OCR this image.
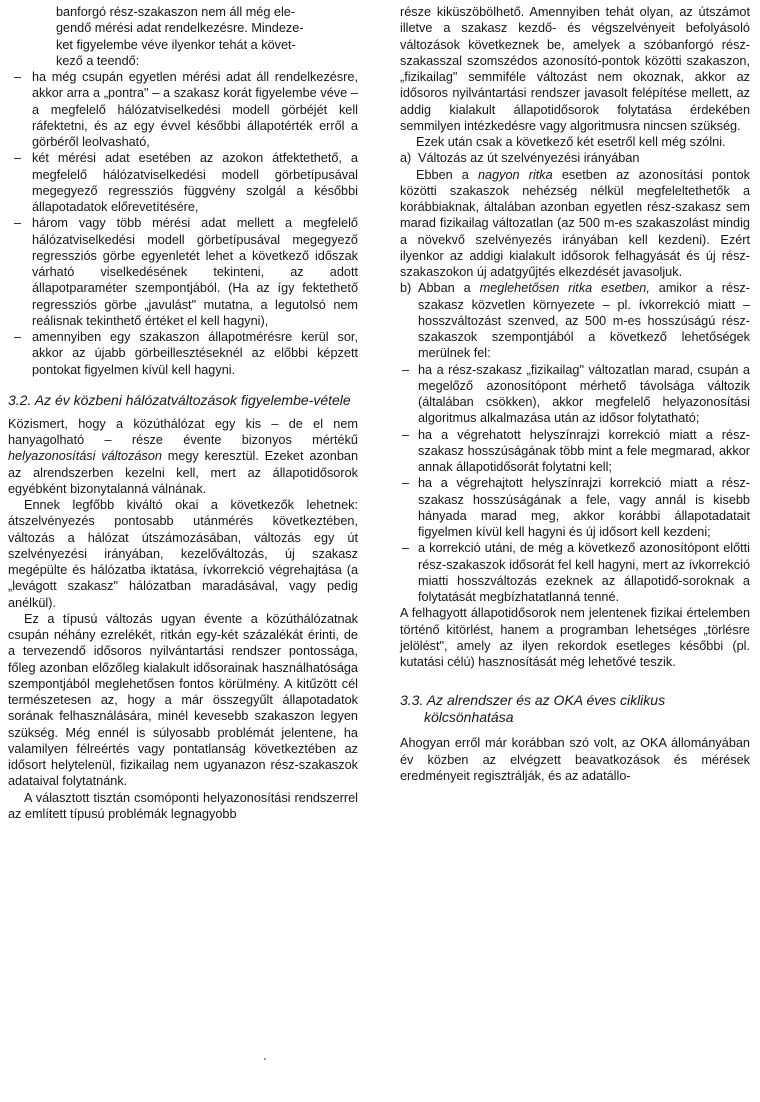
banforgó rész-szakaszon nem áll még ele-

gendő mérési adat rendelkezésre. Mindeze-

ket figyelembe véve ilyenkor tehát a követ-

kező a teendő:

– ha még csupán egyetlen mérési adat áll rendelkezésre, akkor arra a „pontra" – a szakasz korát figyelembe véve – a megfelelő hálózatviselkedési modell görbéjét kell ráfektetni, és az egy évvel későbbi állapotérték erről a görbéről leolvasható,
– két mérési adat esetében az azokon átfektethető, a megfelelő hálózatviselkedési modell görbetípusával megegyező regressziós függvény szolgál a későbbi állapotadatok előrevetítésére,
– három vagy több mérési adat mellett a megfelelő hálózatviselkedési modell görbetípusával megegyező regressziós görbe egyenletét lehet a következő időszak várható viselkedésének tekinteni, az adott állapotparaméter szempontjából. (Ha az így fektethető regressziós görbe „javulást" mutatna, a legutolsó nem reálisnak tekinthető értéket el kell hagyni),
– amennyiben egy szakaszon állapotmérésre kerül sor, akkor az újabb görbeillesztéseknél az előbbi képzett pontokat figyelmen kívül kell hagyni.

3.2. Az év közbeni hálózatváltozások figyelembe-vétele

Közismert, hogy a közúthálózat egy kis – de el nem hanyagolható – része évente bizonyos mértékű helyazonosítási változáson megy keresztül. Ezeket azonban az alrendszerben kezelni kell, mert az állapotidősorok egyébként bizonytalanná válnának.

Ennek legfőbb kiváltó okai a következők lehetnek: átszelvényezés pontosabb utánmérés következtében, változás a hálózat útszámozásában, változás egy út szelvényezési irányában, kezelőváltozás, új szakasz megépülte és hálózatba iktatása, ívkorrekció végrehajtása (a „levágott szakasz" hálózatban maradásával, vagy pedig anélkül).

Ez a típusú változás ugyan évente a közúthálózatnak csupán néhány ezrelékét, ritkán egy-két százalékát érinti, de a tervezendő idősoros nyilvántartási rendszer pontossága, főleg azonban előzőleg kialakult idősorainak használhatósága szempontjából meglehetősen fontos körülmény. A kitűzött cél természetesen az, hogy a már összegyűlt állapotadatok sorának felhasználására, minél kevesebb szakaszon legyen szükség. Még ennél is súlyosabb problémát jelentene, ha valamilyen félreértés vagy pontatlanság következtében az idősort helytelenül, fizikailag nem ugyanazon rész-szakaszok adataival folytatnánk.

A választott tisztán csomóponti helyazonosítási rendszerrel az említett típusú problémák legnagyobb

része kiküszöbölhető. Amennyiben tehát olyan, az útszámot illetve a szakasz kezdő- és végszelvényeit befolyásoló változások következnek be, amelyek a szóbanforgó rész-szakasszal szomszédos azonosító-pontok közötti szakaszon, „fizikailag" semmiféle változást nem okoznak, akkor az idősoros nyilvántartási rendszer javasolt felépítése mellett, az addig kialakult állapotidősorok folytatása érdekében semmilyen intézkedésre vagy algoritmusra nincsen szükség.

Ezek után csak a következő két esetről kell még szólni.

a) Változás az út szelvényezési irányában

Ebben a nagyon ritka esetben az azonosítási pontok közötti szakaszok nehézség nélkül megfeleltethetők a korábbiaknak, általában azonban egyetlen rész-szakasz sem marad fizikailag változatlan (az 500 m-es szakaszolást mindig a növekvő szelvényezés irányában kell kezdeni). Ezért ilyenkor az addigi kialakult idősorok felhagyását és új rész-szakaszokon új adatgyűjtés elkezdését javasoljuk.

b) Abban a meglehetősen ritka esetben, amikor a rész-szakasz közvetlen környezete – pl. ívkorrekció miatt – hosszváltozást szenved, az 500 m-es hosszúságú rész-szakaszok szempontjából a következő lehetőségek merülnek fel:
– ha a rész-szakasz „fizikailag" változatlan marad, csupán a megelőző azonosítópont mérhető távolsága változik (általában csökken), akkor megfelelő helyazonosítási algoritmus alkalmazása után az idősor folytatható;
– ha a végrehatott helyszínrajzi korrekció miatt a rész-szakasz hosszúságának több mint a fele megmarad, akkor annak állapotidősorát folytatni kell;
– ha a végrehajtott helyszínrajzi korrekció miatt a rész-szakasz hosszúságának a fele, vagy annál is kisebb hányada marad meg, akkor korábbi állapotadatait figyelmen kívül kell hagyni és új idősort kell kezdeni;
– a korrekció utáni, de még a következő azonosítópont előtti rész-szakaszok idősorát fel kell hagyni, mert az ívkorrekció miatti hosszváltozás ezeknek az állapotidő-soroknak a folytatását megbízhatatlanná tenné.

A felhagyott állapotidősorok nem jelentenek fizikai értelemben történő kitörlést, hanem a programban lehetséges „törlésre jelölést", amely az ilyen rekordok esetleges későbbi (pl. kutatási célú) hasznosítását még lehetővé teszik.

3.3. Az alrendszer és az OKA éves ciklikus kölcsönhatása

Ahogyan erről már korábban szó volt, az OKA állományában év közben az elvégzett beavatkozások és mérések eredményeit regisztrálják, és az adatállo-
